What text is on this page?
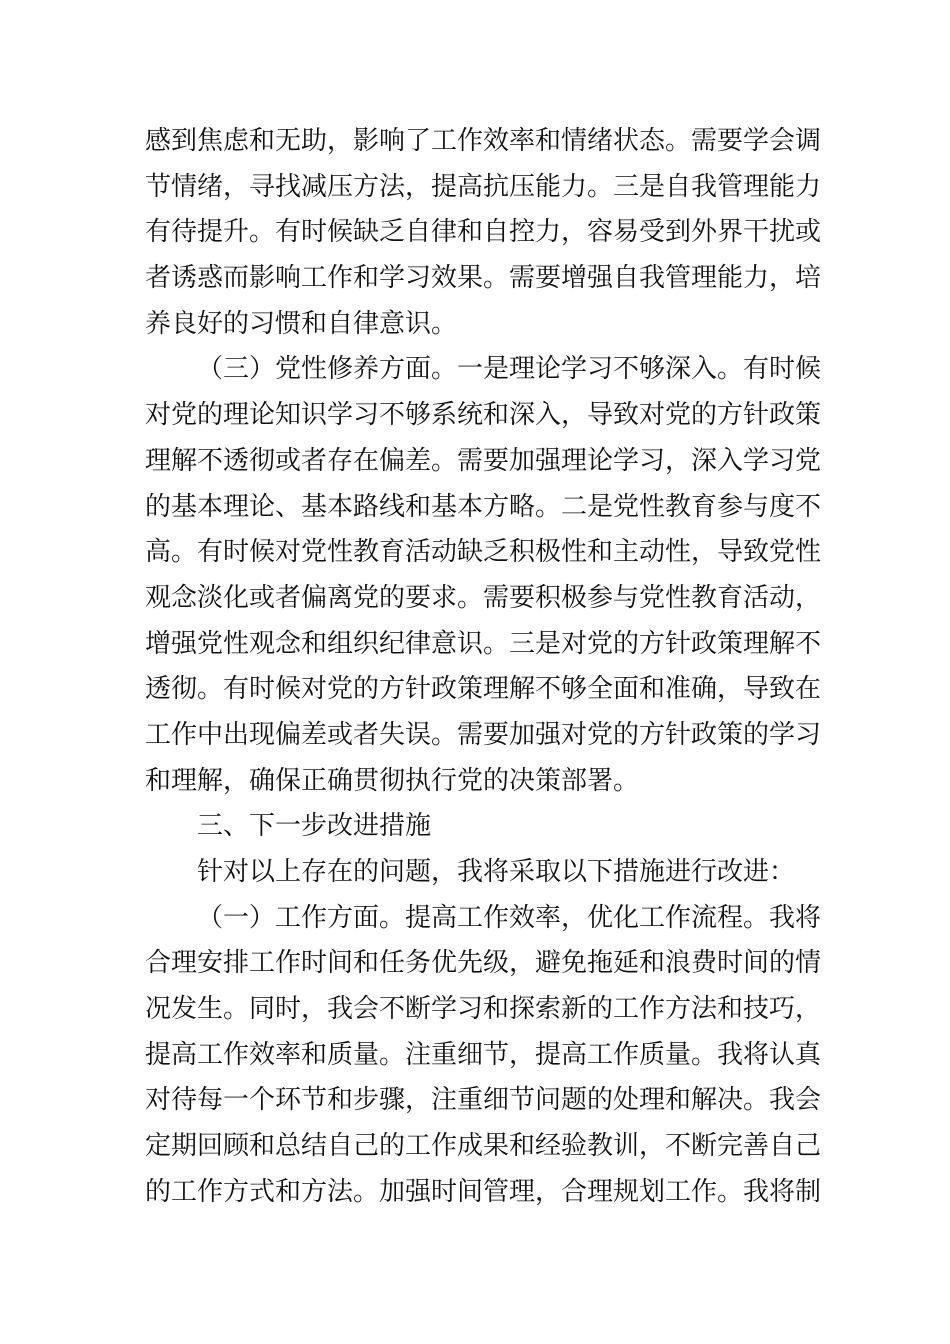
感到焦虑和无助，影响了工作效率和情绪状态。需要学会调
节情绪，寻找减压方法，提高抗压能力。三是自我管理能力
有待提升。有时候缺乏自律和自控力，容易受到外界干扰或
者诱惑而影响工作和学习效果。需要增强自我管理能力，培
养良好的习惯和自律意识。
（三）党性修养方面。一是理论学习不够深入。有时候
对党的理论知识学习不够系统和深入，导致对党的方针政策
理解不透彻或者存在偏差。需要加强理论学习，深入学习党
的基本理论、基本路线和基本方略。二是党性教育参与度不
高。有时候对党性教育活动缺乏积极性和主动性，导致党性
观念淡化或者偏离党的要求。需要积极参与党性教育活动，
增强党性观念和组织纪律意识。三是对党的方针政策理解不
透彻。有时候对党的方针政策理解不够全面和准确，导致在
工作中出现偏差或者失误。需要加强对党的方针政策的学习
和理解，确保正确贯彻执行党的决策部署。
三、下一步改进措施
针对以上存在的问题，我将采取以下措施进行改进：
（一）工作方面。提高工作效率，优化工作流程。我将
合理安排工作时间和任务优先级，避免拖延和浪费时间的情
况发生。同时，我会不断学习和探索新的工作方法和技巧，
提高工作效率和质量。注重细节，提高工作质量。我将认真
对待每一个环节和步骤，注重细节问题的处理和解决。我会
定期回顾和总结自己的工作成果和经验教训，不断完善自己
的工作方式和方法。加强时间管理，合理规划工作。我将制
